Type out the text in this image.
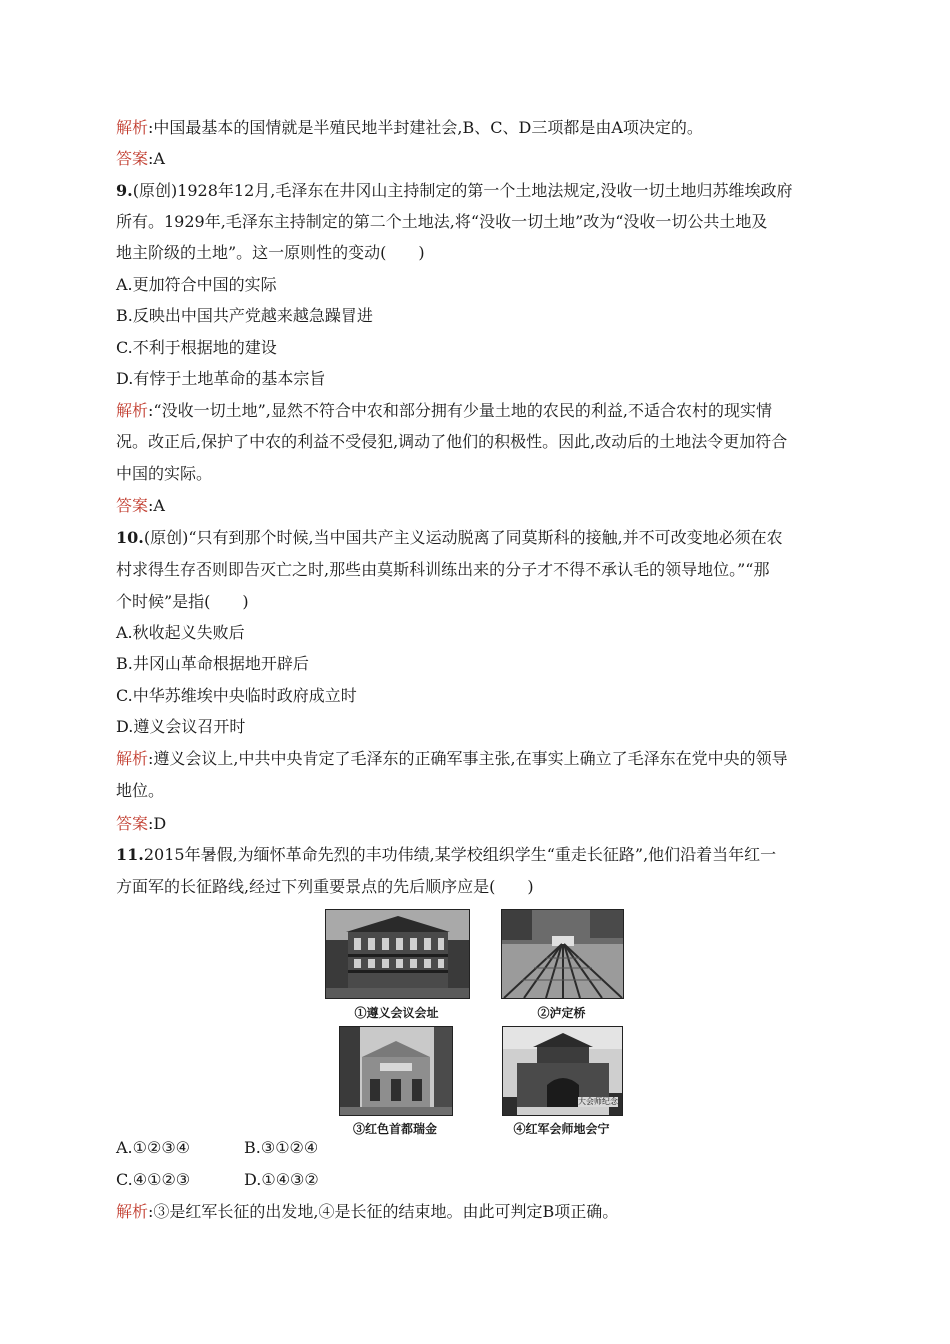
解析:中国最基本的国情就是半殖民地半封建社会,B、C、D三项都是由A项决定的。
答案:A
9.(原创)1928年12月,毛泽东在井冈山主持制定的第一个土地法规定,没收一切土地归苏维埃政府
所有。1929年,毛泽东主持制定的第二个土地法,将“没收一切土地”改为“没收一切公共土地及
地主阶级的土地”。这一原则性的变动(　　)
A.更加符合中国的实际
B.反映出中国共产党越来越急躁冒进
C.不利于根据地的建设
D.有悖于土地革命的基本宗旨
解析:“没收一切土地”,显然不符合中农和部分拥有少量土地的农民的利益,不适合农村的现实情
况。改正后,保护了中农的利益不受侵犯,调动了他们的积极性。因此,改动后的土地法令更加符合
中国的实际。
答案:A
10.(原创)“只有到那个时候,当中国共产主义运动脱离了同莫斯科的接触,并不可改变地必须在农
村求得生存否则即告灭亡之时,那些由莫斯科训练出来的分子才不得不承认毛的领导地位。”“那
个时候”是指(　　)
A.秋收起义失败后
B.井冈山革命根据地开辟后
C.中华苏维埃中央临时政府成立时
D.遵义会议召开时
解析:遵义会议上,中共中央肯定了毛泽东的正确军事主张,在事实上确立了毛泽东在党中央的领导
地位。
答案:D
11.2015年暑假,为缅怀革命先烈的丰功伟绩,某学校组织学生“重走长征路”,他们沿着当年红一
方面军的长征路线,经过下列重要景点的先后顺序应是(　　)
①遵义会议会址	②泸定桥
③红色首都瑞金
大会师纪念
④红军会师地会宁
A.①②③④	B.③①②④
C.④①②③	D.①④③②
解析:③是红军长征的出发地,④是长征的结束地。由此可判定B项正确。
